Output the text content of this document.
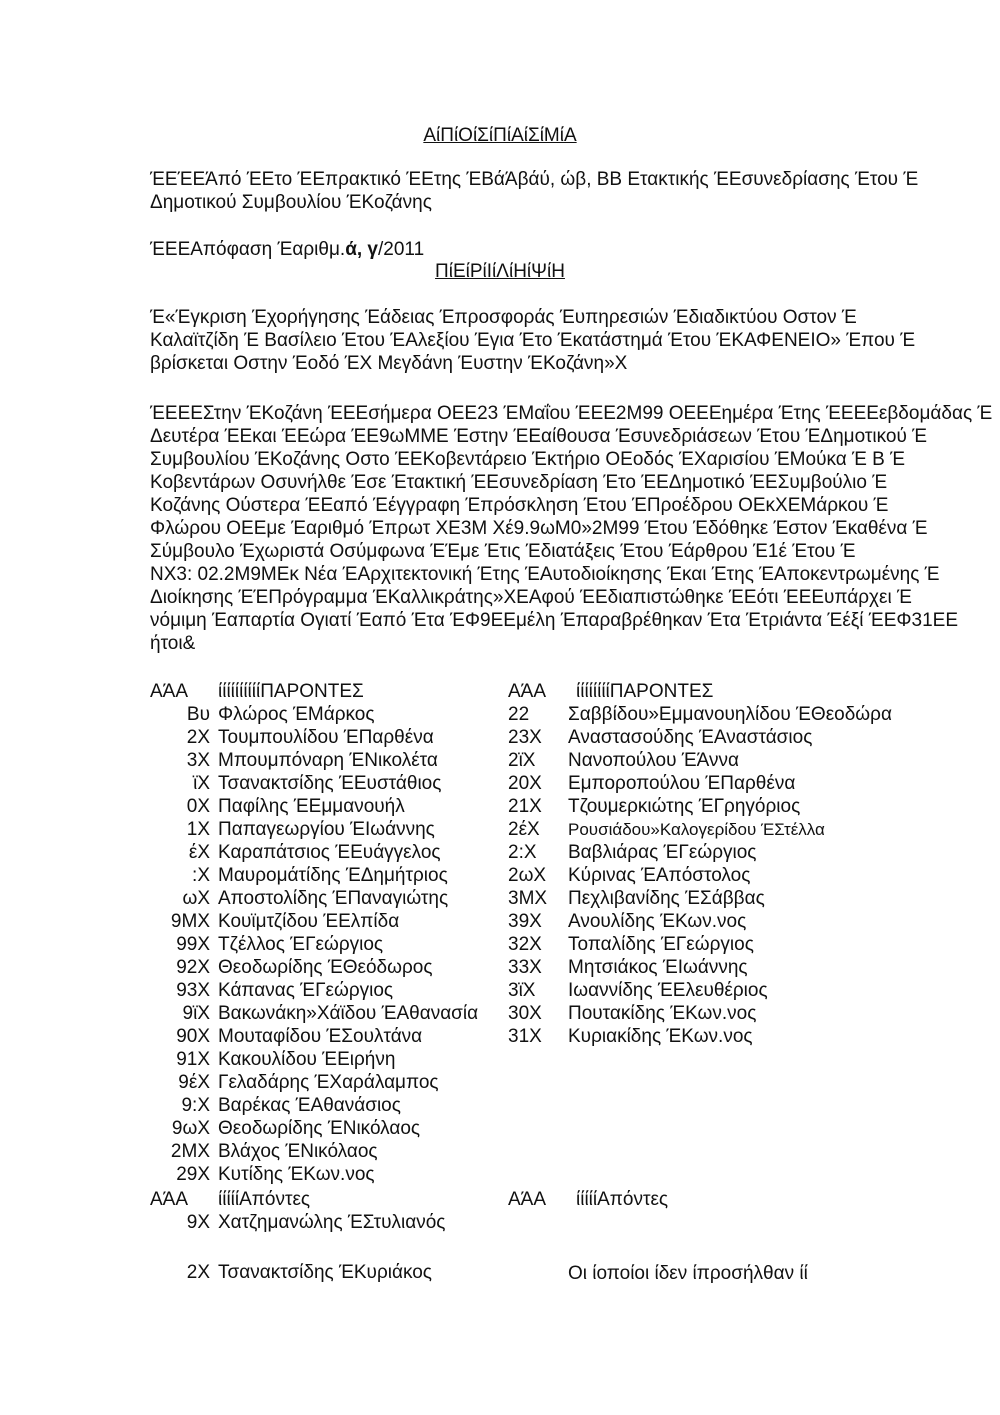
ΑίΠίΟίΣίΠίΑίΣίΜίΑ

ΈΕΈΕΆπό ΈΕτο ΈΕπρακτικό ΈΕτης ΈΒάΆβάύ, ώβ, ΒΒ Ετακτικής ΈΕσυνεδρίασης Έτου Έ
Δημοτικού Συμβουλίου ΈΚοζάνης

ΈΕΕΑπόφαση Έαριθμ.ά, γ/2011
ΠίΕίΡίΙίΛίΗίΨίΗ

Έ«Έγκριση Έχορήγησης Έάδειας Έπροσφοράς Έυπηρεσιών Έδιαδικτύου Οστον Έ
Καλαϊτζίδη Έ Βασίλειο Έτου ΈΑλεξίου Έγια Έτο Έκατάστημά Έτου ΈΚΑΦΕΝΕΙΟ» Έπου Έ
βρίσκεται Οστην Έοδό ΈΧ Μεγδάνη Έυστην ΈΚοζάνη»Χ

ΈΕΕΕΣτην ΈΚοζάνη ΈΕΕσήμερα ΟΕΕ23 ΈΜαΐου ΈΕΕ2Μ99 ΟΕΕΕημέρα Έτης ΈΕΕΕεβδομάδας Έ
Δευτέρα ΈΕκαι ΈΕώρα ΈΕ9ωΜΜΕ Έστην ΈΕαίθουσα Έσυνεδριάσεων Έτου ΈΔημοτικού Έ
Συμβουλίου ΈΚοζάνης Οστο ΈΕΚοβεντάρειο Έκτήριο ΟΕοδός ΈΧαρισίου ΈΜούκα Έ Β Έ
Κοβεντάρων Οσυνήλθε Έσε Έτακτική ΈΕσυνεδρίαση Έτο ΈΕΔημοτικό ΈΕΣυμβούλιο Έ
Κοζάνης Ούστερα ΈΕαπό Έέγγραφη Έπρόσκληση Έτου ΈΠροέδρου ΟΕκΧΕΜάρκου Έ
Φλώρου ΟΕΕμε Έαριθμό Έπρωτ ΧΕ3Μ Χέ9.9ωΜ0»2Μ99 Έτου Έδόθηκε Έστον Έκαθένα Έ
Σύμβουλο Έχωριστά Οσύμφωνα ΈΈμε Έτις Έδιατάξεις Έτου Έάρθρου Έ1έ Έτου Έ
ΝΧ3: 02.2Μ9ΜΕκ Νέα ΈΑρχιτεκτονική Έτης ΈΑυτοδιοίκησης Έκαι Έτης ΈΑποκεντρωμένης Έ
Διοίκησης ΈΈΠρόγραμμα ΈΚαλλικράτης»ΧΕΑφού ΈΕδιαπιστώθηκε ΈΕότι ΈΕΕυπάρχει Έ
νόμιμη Έαπαρτία Ογιατί Έαπό Έτα ΈΦ9ΕΕμέλη Έπαραβρέθηκαν Έτα Έτριάντα Έέξί ΈΕΦ31ΕΕ
ήτοι&

ΑΆΑ ίίίίίίίίίίΠΑΡΟΝΤΕΣ
Βυ Φλώρος ΈΜάρκος
2Χ Τουμπουλίδου ΈΠαρθένα
3Χ Μπουμπόναρη ΈΝικολέτα
ϊΧ Τσανακτσίδης ΈΕυστάθιος
0Χ Παφίλης ΈΕμμανουήλ
1Χ Παπαγεωργίου ΈΙωάννης
έΧ Καραπάτσιος ΈΕυάγγελος
:Χ Μαυρομάτίδης ΈΔημήτριος
ωΧ Αποστολίδης ΈΠαναγιώτης
9ΜΧ Κουϊμτζίδου ΈΕλπίδα
99Χ Τζέλλος ΈΓεώργιος
92Χ Θεοδωρίδης ΈΘεόδωρος
93Χ Κάπανας ΈΓεώργιος
9ϊΧ Βακωνάκη»Χάϊδου ΈΑθανασία
90Χ Μουταφίδου ΈΣουλτάνα
91Χ Κακουλίδου ΈΕιρήνη
9έΧ Γελαδάρης ΈΧαράλαμπος
9:Χ Βαρέκας ΈΑθανάσιος
9ωΧ Θεοδωρίδης ΈΝικόλαος
2ΜΧ Βλάχος ΈΝικόλαος
29Χ Κυτίδης ΈΚων.νος
ΑΆΑ ίίίίίίίίΠΑΡΟΝΤΕΣ
22 Σαββίδου»Εμμανουηλίδου ΈΘεοδώρα
23Χ Αναστασούδης ΈΑναστάσιος
2ϊΧ Νανοπούλου ΈΆννα
20Χ Εμποροπούλου ΈΠαρθένα
21Χ Τζουμερκιώτης ΈΓρηγόριος
2έΧ Ρουσιάδου»Καλογερίδου ΈΣτέλλα
2:Χ Βαβλιάρας ΈΓεώργιος
2ωΧ Κύρινας ΈΑπόστολος
3ΜΧ Πεχλιβανίδης ΈΣάββας
39Χ Ανουλίδης ΈΚων.νος
32Χ Τοπαλίδης ΈΓεώργιος
33Χ Μητσιάκος ΈΙωάννης
3ϊΧ Ιωαννίδης ΈΕλευθέριος
30Χ Πουτακίδης ΈΚων.νος
31Χ Κυριακίδης ΈΚων.νος
ΑΆΑ ίίίίίΑπόντες
9Χ Χατζημανώλης ΈΣτυλιανός
2Χ Τσανακτσίδης ΈΚυριάκος
ΑΆΑ ίίίίίΑπόντες
Οι ίοποίοι ίδεν ίπροσήλθαν ίί
